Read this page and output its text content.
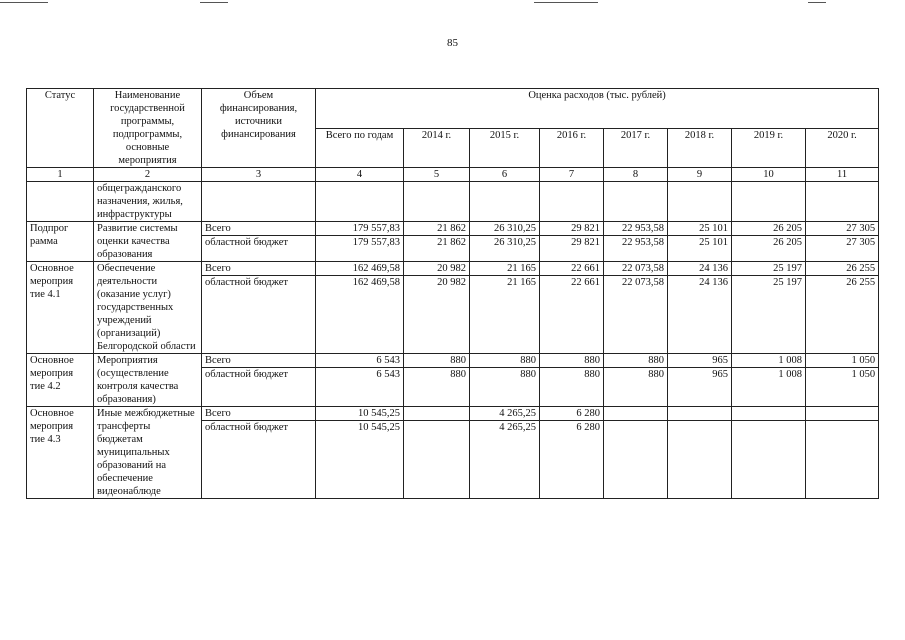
85
Статус	Наименование государственной программы, подпрограммы, основные мероприятия	Объем финансирования, источники финансирования	Оценка расходов (тыс. рублей)							
			Всего по годам	2014 г.	2015 г.	2016 г.	2017 г.	2018 г.	2019 г.	2020 г.
1	2	3	4	5	6	7	8	9	10	11
	общегражданского назначения, жилья, инфраструктуры									
Подпрог рамма	Развитие системы оценки качества образования	Всего	179 557,83	21 862	26 310,25	29 821	22 953,58	25 101	26 205	27 305
		областной бюджет	179 557,83	21 862	26 310,25	29 821	22 953,58	25 101	26 205	27 305
Основное мероприя тие 4.1	Обеспечение деятельности (оказание услуг) государственных учреждений (организаций) Белгородской области	Всего	162 469,58	20 982	21 165	22 661	22 073,58	24 136	25 197	26 255
		областной бюджет	162 469,58	20 982	21 165	22 661	22 073,58	24 136	25 197	26 255
Основное мероприя тие 4.2	Мероприятия (осуществление контроля качества образования)	Всего	6 543	880	880	880	880	965	1 008	1 050
		областной бюджет	6 543	880	880	880	880	965	1 008	1 050
Основное мероприя тие 4.3	Иные межбюджетные трансферты бюджетам муниципальных образований на обеспечение видеонаблюде	Всего	10 545,25		4 265,25	6 280				
		областной бюджет	10 545,25		4 265,25	6 280				
